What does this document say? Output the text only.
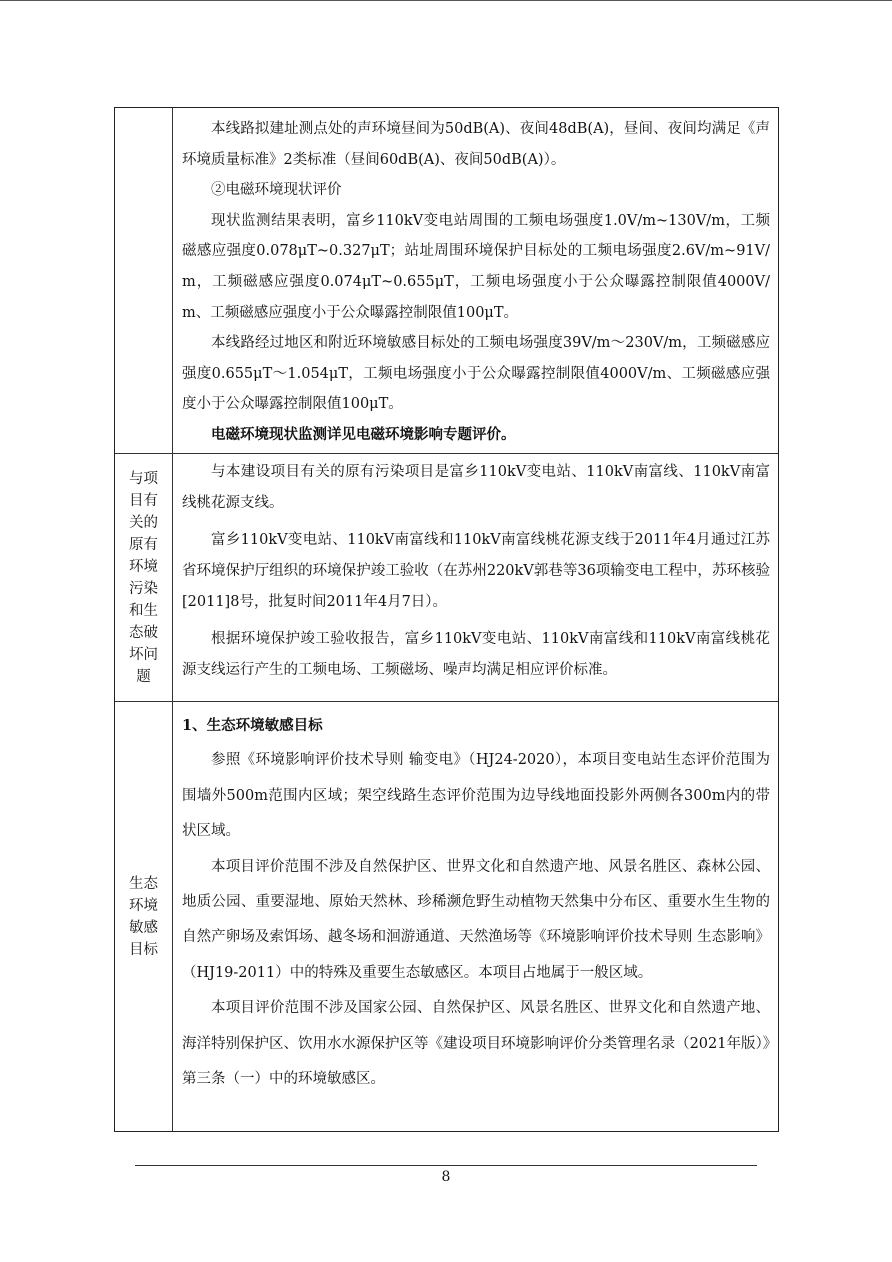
本线路拟建址测点处的声环境昼间为50dB(A)、夜间48dB(A)，昼间、夜间均满足《声环境质量标准》2类标准（昼间60dB(A)、夜间50dB(A)）。

②电磁环境现状评价

现状监测结果表明，富乡110kV变电站周围的工频电场强度1.0V/m~130V/m，工频磁感应强度0.078μT~0.327μT；站址周围环境保护目标处的工频电场强度2.6V/m~91V/m，工频磁感应强度0.074μT~0.655μT，工频电场强度小于公众曝露控制限值4000V/m、工频磁感应强度小于公众曝露控制限值100μT。

本线路经过地区和附近环境敏感目标处的工频电场强度39V/m～230V/m，工频磁感应强度0.655μT～1.054μT，工频电场强度小于公众曝露控制限值4000V/m、工频磁感应强度小于公众曝露控制限值100μT。

电磁环境现状监测详见电磁环境影响专题评价。

与项目有关的原有环境污染和生态破坏问题

与本建设项目有关的原有污染项目是富乡110kV变电站、110kV南富线、110kV南富线桃花源支线。

富乡110kV变电站、110kV南富线和110kV南富线桃花源支线于2011年4月通过江苏省环境保护厅组织的环境保护竣工验收（在苏州220kV郭巷等36项输变电工程中，苏环核验[2011]8号，批复时间2011年4月7日）。

根据环境保护竣工验收报告，富乡110kV变电站、110kV南富线和110kV南富线桃花源支线运行产生的工频电场、工频磁场、噪声均满足相应评价标准。

生态环境敏感目标

1、生态环境敏感目标

参照《环境影响评价技术导则 输变电》（HJ24-2020），本项目变电站生态评价范围为围墙外500m范围内区域；架空线路生态评价范围为边导线地面投影外两侧各300m内的带状区域。

本项目评价范围不涉及自然保护区、世界文化和自然遗产地、风景名胜区、森林公园、地质公园、重要湿地、原始天然林、珍稀濒危野生动植物天然集中分布区、重要水生生物的自然产卵场及索饵场、越冬场和洄游通道、天然渔场等《环境影响评价技术导则 生态影响》（HJ19-2011）中的特殊及重要生态敏感区。本项目占地属于一般区域。

本项目评价范围不涉及国家公园、自然保护区、风景名胜区、世界文化和自然遗产地、海洋特别保护区、饮用水水源保护区等《建设项目环境影响评价分类管理名录（2021年版）》第三条（一）中的环境敏感区。

8
